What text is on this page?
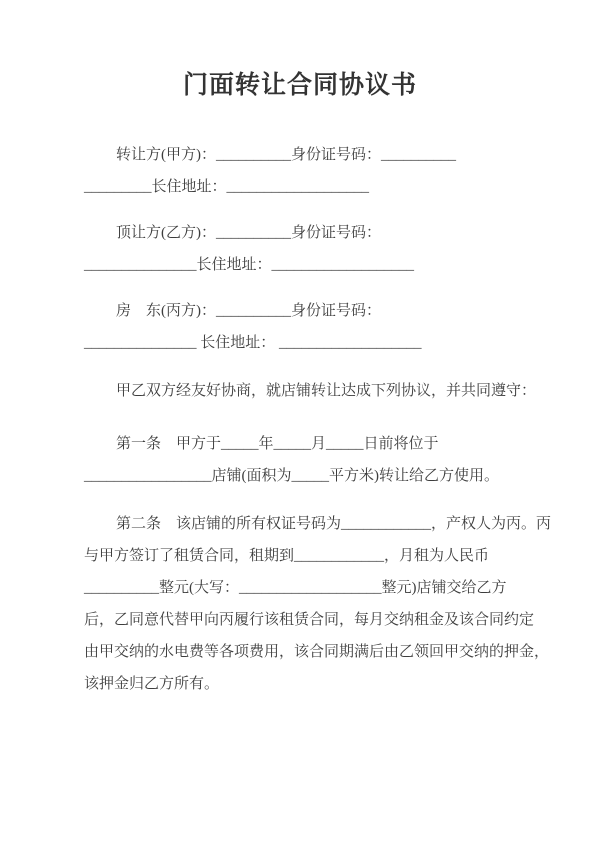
门面转让合同协议书

转让方(甲方)：__________身份证号码：__________

_________长住地址：___________________

顶让方(乙方)：__________身份证号码：

_______________长住地址：___________________

房　东(丙方)：__________身份证号码：

_______________ 长住地址： ___________________

甲乙双方经友好协商，就店铺转让达成下列协议，并共同遵守：

第一条　甲方于_____年_____月_____日前将位于

_________________店铺(面积为_____平方米)转让给乙方使用。

第二条　该店铺的所有权证号码为____________，产权人为丙。丙

与甲方签订了租赁合同，租期到____________，月租为人民币

__________整元(大写：___________________整元)店铺交给乙方

后，乙同意代替甲向丙履行该租赁合同，每月交纳租金及该合同约定

由甲交纳的水电费等各项费用，该合同期满后由乙领回甲交纳的押金，

该押金归乙方所有。
